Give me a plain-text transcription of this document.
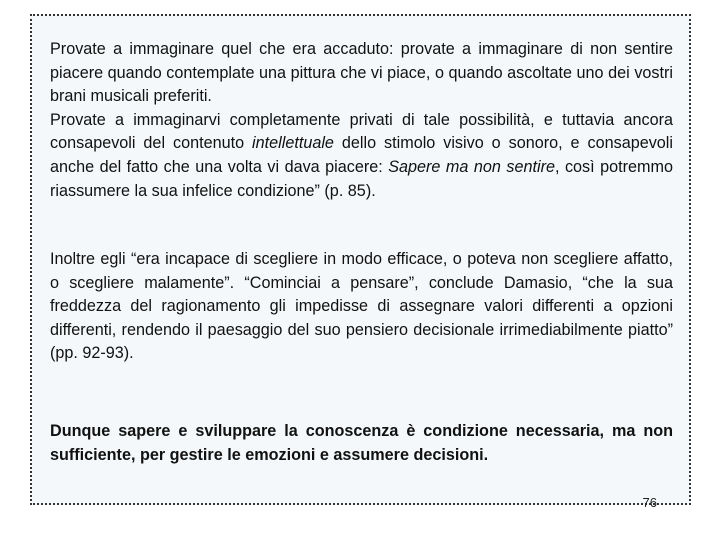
Provate a immaginare quel che era accaduto: provate a immaginare di non sentire piacere quando contemplate una pittura che vi piace, o quando ascoltate uno dei vostri brani musicali preferiti.
Provate a immaginarvi completamente privati di tale possibilità, e tuttavia ancora consapevoli del contenuto intellettuale dello stimolo visivo o sonoro, e consapevoli anche del fatto che una volta vi dava piacere: Sapere ma non sentire, così potremmo riassumere la sua infelice condizione” (p. 85).

Inoltre egli “era incapace di scegliere in modo efficace, o poteva non scegliere affatto, o scegliere malamente”. “Cominciai a pensare”, conclude Damasio, “che la sua freddezza del ragionamento gli impedisse di assegnare valori differenti a opzioni differenti, rendendo il paesaggio del suo pensiero decisionale irrimediabilmente piatto” (pp. 92-93).

Dunque sapere e sviluppare la conoscenza è condizione necessaria, ma non sufficiente, per gestire le emozioni e assumere decisioni.

76
